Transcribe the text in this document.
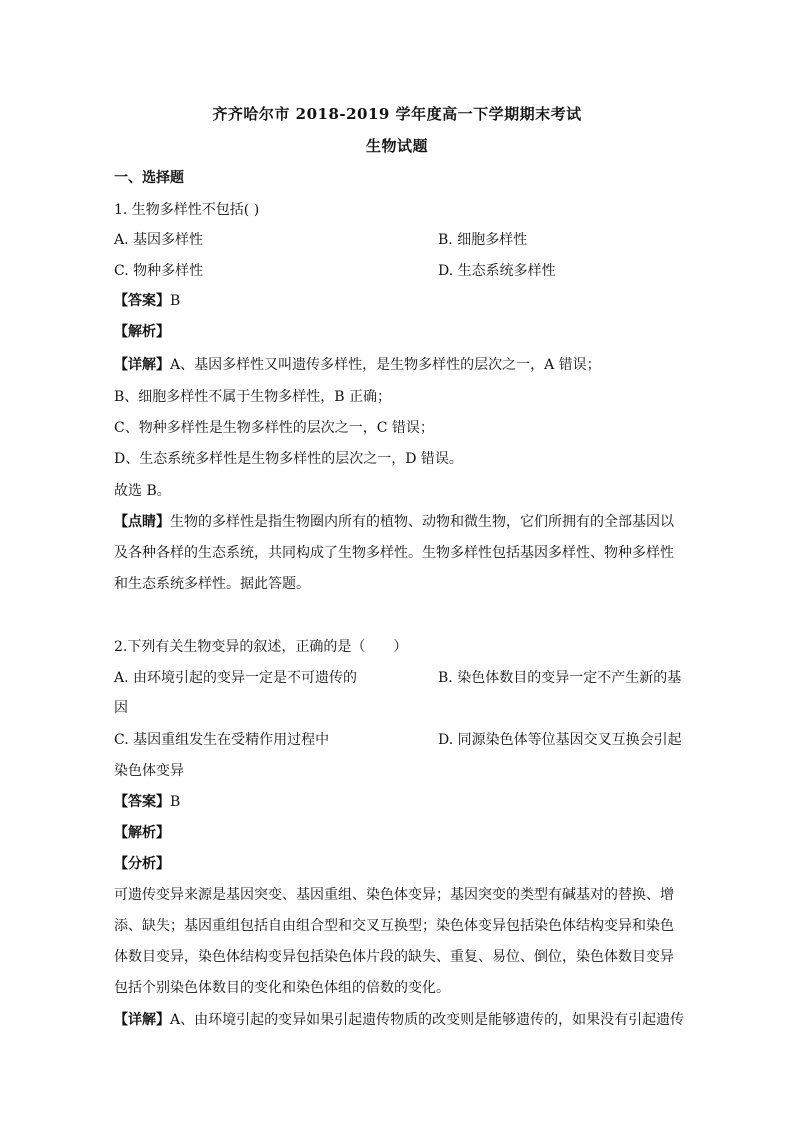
齐齐哈尔市 2018-2019 学年度高一下学期期末考试
生物试题
一、选择题
1. 生物多样性不包括( )
A. 基因多样性	B. 细胞多样性
C. 物种多样性	D. 生态系统多样性
【答案】B
【解析】
【详解】A、基因多样性又叫遗传多样性，是生物多样性的层次之一，A 错误；
B、细胞多样性不属于生物多样性，B 正确；
C、物种多样性是生物多样性的层次之一，C 错误；
D、生态系统多样性是生物多样性的层次之一，D 错误。
故选 B。
【点睛】生物的多样性是指生物圈内所有的植物、动物和微生物，它们所拥有的全部基因以
及各种各样的生态系统，共同构成了生物多样性。生物多样性包括基因多样性、物种多样性
和生态系统多样性。据此答题。
2.下列有关生物变异的叙述，正确的是（　　）
A. 由环境引起的变异一定是不可遗传的	B. 染色体数目的变异一定不产生新的基
因
C. 基因重组发生在受精作用过程中	D. 同源染色体等位基因交叉互换会引起
染色体变异
【答案】B
【解析】
【分析】
可遗传变异来源是基因突变、基因重组、染色体变异；基因突变的类型有碱基对的替换、增
添、缺失；基因重组包括自由组合型和交叉互换型；染色体变异包括染色体结构变异和染色
体数目变异，染色体结构变异包括染色体片段的缺失、重复、易位、倒位，染色体数目变异
包括个别染色体数目的变化和染色体组的倍数的变化。
【详解】A、由环境引起的变异如果引起遗传物质的改变则是能够遗传的，如果没有引起遗传
